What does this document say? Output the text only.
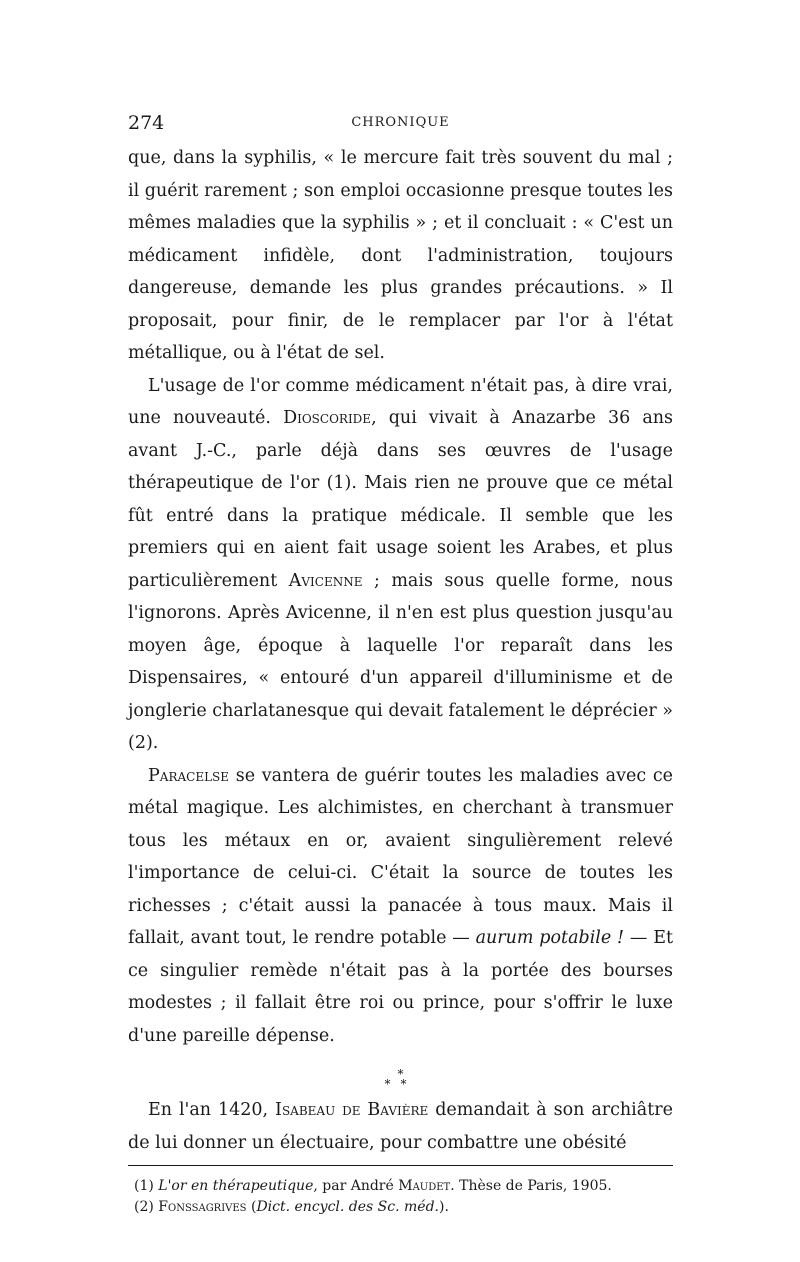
274	CHRONIQUE

que, dans la syphilis, « le mercure fait très souvent du mal ; il guérit rarement ; son emploi occasionne presque toutes les mêmes maladies que la syphilis » ; et il concluait : « C'est un médicament infidèle, dont l'administration, toujours dangereuse, demande les plus grandes précautions. » Il proposait, pour finir, de le remplacer par l'or à l'état métallique, ou à l'état de sel.

L'usage de l'or comme médicament n'était pas, à dire vrai, une nouveauté. Dioscoride, qui vivait à Anazarbe 36 ans avant J.-C., parle déjà dans ses œuvres de l'usage thérapeutique de l'or (1). Mais rien ne prouve que ce métal fût entré dans la pratique médicale. Il semble que les premiers qui en aient fait usage soient les Arabes, et plus particulièrement Avicenne ; mais sous quelle forme, nous l'ignorons. Après Avicenne, il n'en est plus question jusqu'au moyen âge, époque à laquelle l'or reparaît dans les Dispensaires, « entouré d'un appareil d'illuminisme et de jonglerie charlatanesque qui devait fatalement le déprécier » (2).

Paracelse se vantera de guérir toutes les maladies avec ce métal magique. Les alchimistes, en cherchant à transmuer tous les métaux en or, avaient singulièrement relevé l'importance de celui-ci. C'était la source de toutes les richesses ; c'était aussi la panacée à tous maux. Mais il fallait, avant tout, le rendre potable — aurum potabile ! — Et ce singulier remède n'était pas à la portée des bourses modestes ; il fallait être roi ou prince, pour s'offrir le luxe d'une pareille dépense.

*
**

En l'an 1420, Isabeau de Bavière demandait à son archiâtre de lui donner un électuaire, pour combattre une obésité

(1) L'or en thérapeutique, par André Maudet. Thèse de Paris, 1905.
(2) Fonssagrives (Dict. encycl. des Sc. méd.).
